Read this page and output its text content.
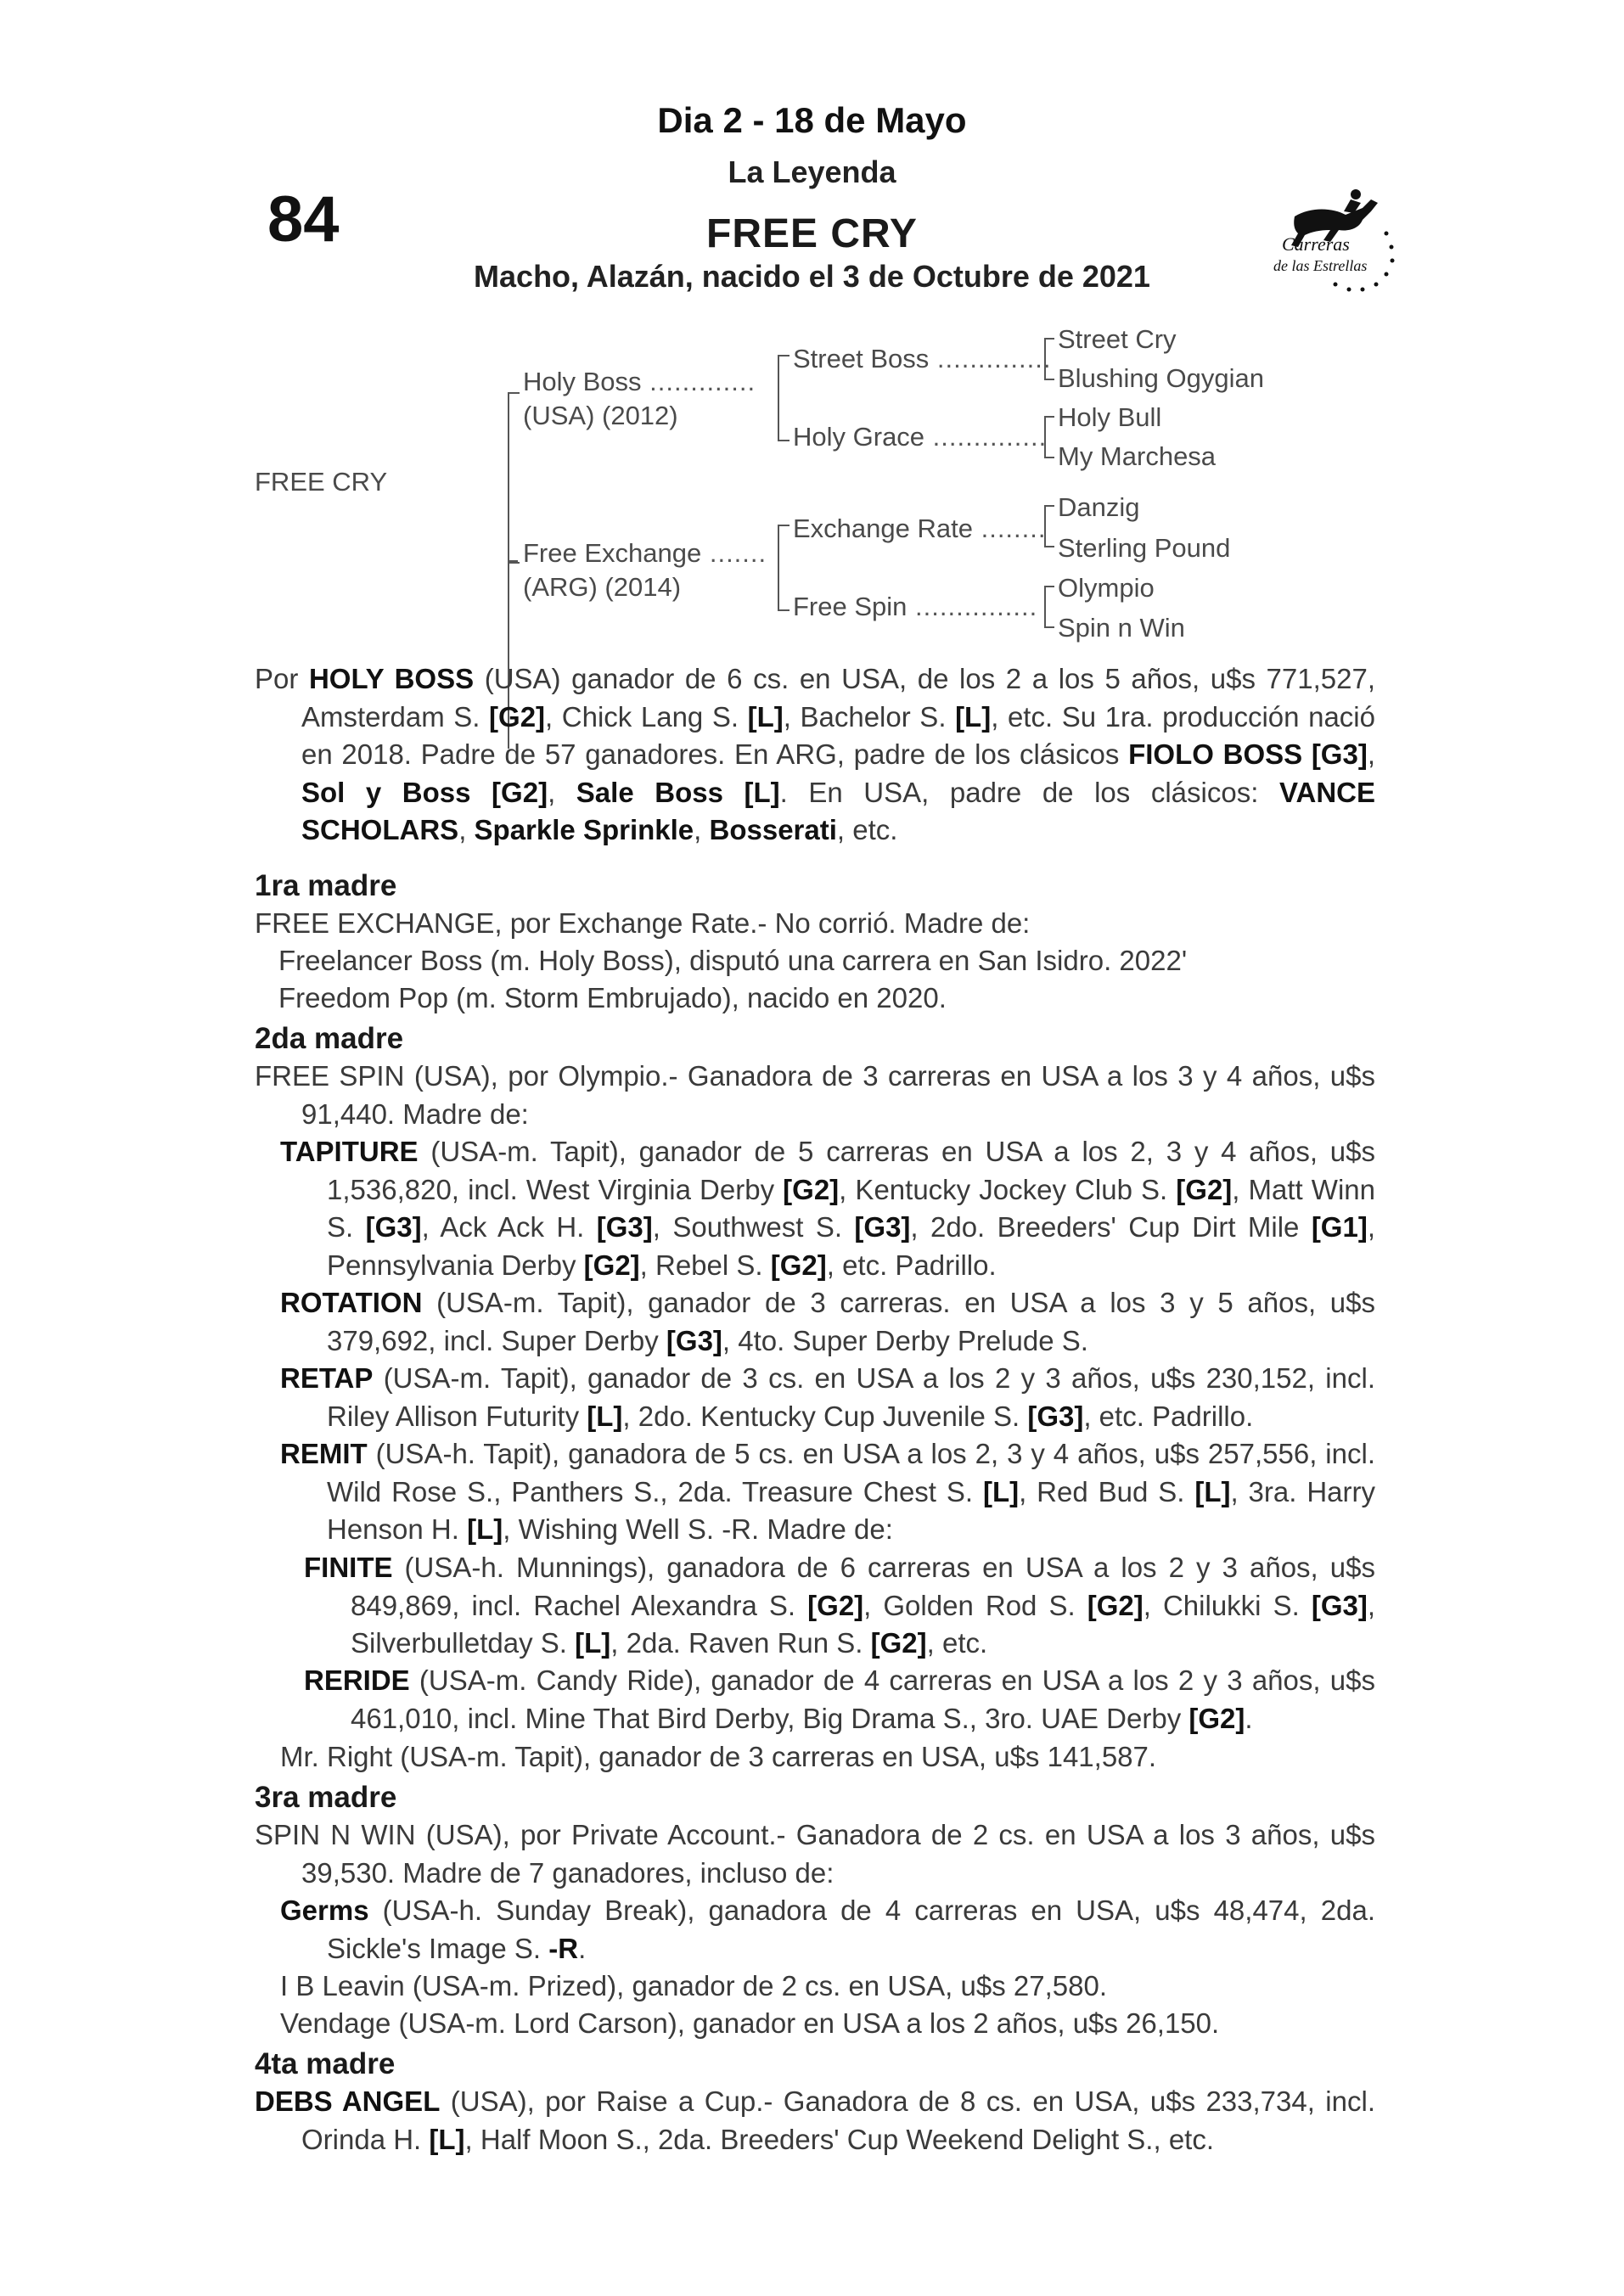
Dia 2 - 18 de Mayo
La Leyenda
84	FREE CRY
Macho, Alazán, nacido el 3 de Octubre de 2021
Carreras
de las Estrellas
FREE CRY
Holy Boss .............
(USA) (2012)
Free Exchange .......
(ARG) (2014)
Street Boss ..............
Holy Grace ..............
Exchange Rate ........
Free Spin ...............
Street Cry
Blushing Ogygian
Holy Bull
My Marchesa
Danzig
Sterling Pound
Olympio
Spin n Win
Por HOLY BOSS (USA) ganador de 6 cs. en USA, de los 2 a los 5 años, u$s 771,527, Amsterdam S. [G2], Chick Lang S. [L], Bachelor S. [L], etc. Su 1ra. producción nació en 2018. Padre de 57 ganadores. En ARG, padre de los clásicos FIOLO BOSS [G3], Sol y Boss [G2], Sale Boss [L]. En USA, padre de los clásicos: VANCE SCHOLARS, Sparkle Sprinkle, Bosserati, etc.
1ra madre
FREE EXCHANGE, por Exchange Rate.- No corrió. Madre de:
Freelancer Boss (m. Holy Boss), disputó una carrera en San Isidro. 2022'
Freedom Pop (m. Storm Embrujado), nacido en 2020.
2da madre
FREE SPIN (USA), por Olympio.- Ganadora de 3 carreras en USA a los 3 y 4 años, u$s 91,440. Madre de:
TAPITURE (USA-m. Tapit), ganador de 5 carreras en USA a los 2, 3 y 4 años, u$s 1,536,820, incl. West Virginia Derby [G2], Kentucky Jockey Club S. [G2], Matt Winn S. [G3], Ack Ack H. [G3], Southwest S. [G3], 2do. Breeders' Cup Dirt Mile [G1], Pennsylvania Derby [G2], Rebel S. [G2], etc. Padrillo.
ROTATION (USA-m. Tapit), ganador de 3 carreras. en USA a los 3 y 5 años, u$s 379,692, incl. Super Derby [G3], 4to. Super Derby Prelude S.
RETAP (USA-m. Tapit), ganador de 3 cs. en USA a los 2 y 3 años, u$s 230,152, incl. Riley Allison Futurity [L], 2do. Kentucky Cup Juvenile S. [G3], etc. Padrillo.
REMIT (USA-h. Tapit), ganadora de 5 cs. en USA a los 2, 3 y 4 años, u$s 257,556, incl. Wild Rose S., Panthers S., 2da. Treasure Chest S. [L], Red Bud S. [L], 3ra. Harry Henson H. [L], Wishing Well S. -R. Madre de:
FINITE (USA-h. Munnings), ganadora de 6 carreras en USA a los 2 y 3 años, u$s 849,869, incl. Rachel Alexandra S. [G2], Golden Rod S. [G2], Chilukki S. [G3], Silverbulletday S. [L], 2da. Raven Run S. [G2], etc.
RERIDE (USA-m. Candy Ride), ganador de 4 carreras en USA a los 2 y 3 años, u$s 461,010, incl. Mine That Bird Derby, Big Drama S., 3ro. UAE Derby [G2].
Mr. Right (USA-m. Tapit), ganador de 3 carreras en USA, u$s 141,587.
3ra madre
SPIN N WIN (USA), por Private Account.- Ganadora de 2 cs. en USA a los 3 años, u$s 39,530. Madre de 7 ganadores, incluso de:
Germs (USA-h. Sunday Break), ganadora de 4 carreras en USA, u$s 48,474, 2da. Sickle's Image S. -R.
I B Leavin (USA-m. Prized), ganador de 2 cs. en USA, u$s 27,580.
Vendage (USA-m. Lord Carson), ganador en USA a los 2 años, u$s 26,150.
4ta madre
DEBS ANGEL (USA), por Raise a Cup.- Ganadora de 8 cs. en USA, u$s 233,734, incl. Orinda H. [L], Half Moon S., 2da. Breeders' Cup Weekend Delight S., etc.
